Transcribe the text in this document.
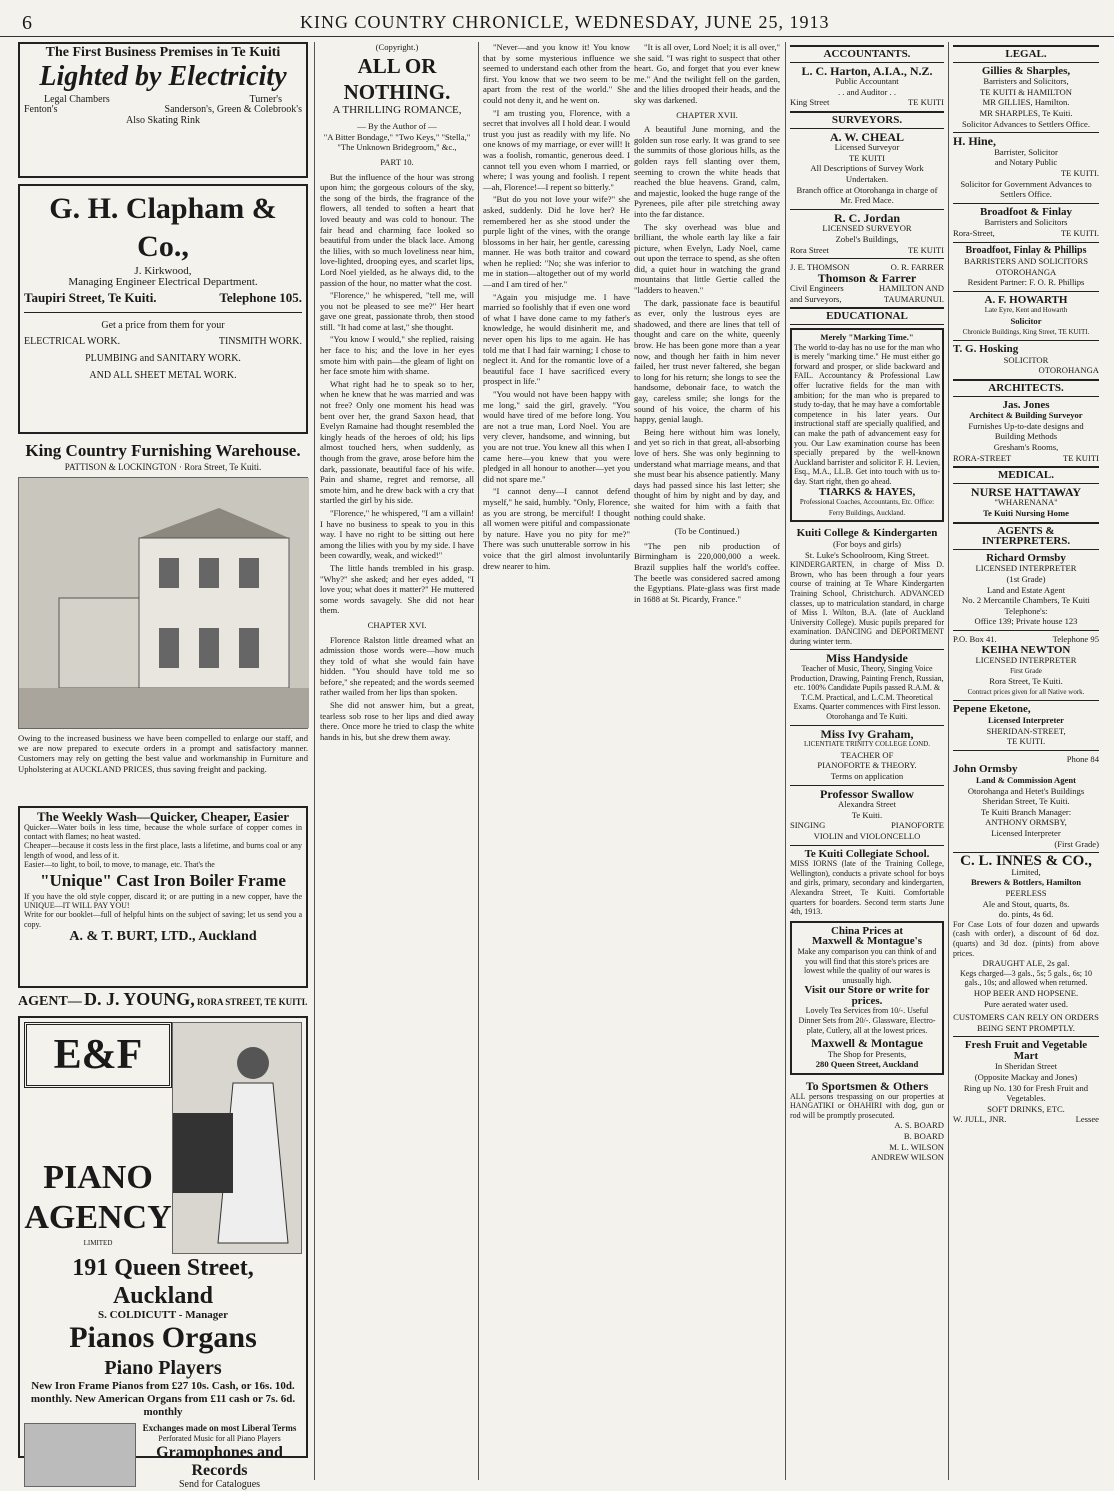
6	KING COUNTRY CHRONICLE, WEDNESDAY, JUNE 25, 1913
The First Business Premises in Te Kuiti
Lighted by Electricity
Legal Chambers	Turner's
Fenton's	Sanderson's, Green & Colebrook's
Also Skating Rink
G. H. Clapham & Co.,
J. Kirkwood,
Managing Engineer Electrical Department.
Taupiri Street, Te Kuiti.	Telephone 105.
Get a price from them for your
ELECTRICAL WORK.	TINSMITH WORK.
PLUMBING and SANITARY WORK.
AND ALL SHEET METAL WORK.
King Country Furnishing Warehouse.
PATTISON & LOCKINGTON · Rora Street, Te Kuiti.
Owing to the increased business we have been compelled to enlarge our staff, and we are now prepared to execute orders in a prompt and satisfactory manner. Customers may rely on getting the best value and workmanship in Furniture and Upholstering at AUCKLAND PRICES, thus saving freight and packing.
The Weekly Wash—Quicker, Cheaper, Easier
Quicker—Water boils in less time, because the whole surface of copper comes in contact with flames; no heat wasted.
Cheaper—because it costs less in the first place, lasts a lifetime, and burns coal or any length of wood, and less of it.
Easier—to light, to boil, to move, to manage, etc. That's the
"Unique" Cast Iron Boiler Frame
If you have the old style copper, discard it; or are putting in a new copper, have the UNIQUE—IT WILL PAY YOU!
Write for our booklet—full of helpful hints on the subject of saving; let us send you a copy.
A. & T. BURT, LTD., Auckland
AGENT— D. J. YOUNG, RORA STREET, TE KUITI.
E&F
PIANO
AGENCY
LIMITED
191 Queen Street, Auckland
S. COLDICUTT - Manager
Pianos Organs
Piano Players
New Iron Frame Pianos from £27 10s. Cash, or 16s. 10d. monthly. New American Organs from £11 cash or 7s. 6d. monthly
Exchanges made on most Liberal Terms
Perforated Music for all Piano Players
Gramophones and Records
Send for Catalogues
(Copyright.)
ALL OR NOTHING.
A THRILLING ROMANCE,
— By the Author of —
"A Bitter Bondage," "Two Keys," "Stella," "The Unknown Bridegroom," &c.,
PART 10.

But the influence of the hour was strong upon him; the gorgeous colours of the sky, the song of the birds, the fragrance of the flowers, all tended to soften a heart that loved beauty and was cold to honour. The fair head and charming face looked so beautiful from under the black lace. Among the lilies, with so much loveliness near him, love-lighted, drooping eyes, and scarlet lips, Lord Noel yielded, as he always did, to the passion of the hour, no matter what the cost.

"Florence," he whispered, "tell me, will you not be pleased to see me?" Her heart gave one great, passionate throb, then stood still. "It had come at last," she thought.

"You know I would," she replied, raising her face to his; and the love in her eyes smote him with pain—the gleam of light on her face smote him with shame.

What right had he to speak so to her, when he knew that he was married and was not free? Only one moment his head was bent over her, the grand Saxon head, that Evelyn Ramaine had thought resembled the kingly heads of the heroes of old; his lips almost touched hers, when suddenly, as though from the grave, arose before him the dark, passionate, beautiful face of his wife. Pain and shame, regret and remorse, all smote him, and he drew back with a cry that startled the girl by his side.

"Florence," he whispered, "I am a villain! I have no business to speak to you in this way. I have no right to be sitting out here among the lilies with you by my side. I have been cowardly, weak, and wicked!"

The little hands trembled in his grasp. "Why?" she asked; and her eyes added, "I love you; what does it matter?" He muttered some words savagely. She did not hear them.

CHAPTER XVI.

Florence Ralston little dreamed what an admission those words were—how much they told of what she would fain have hidden. "You should have told me so before," she repeated; and the words seemed rather wailed from her lips than spoken.

She did not answer him, but a great, tearless sob rose to her lips and died away there. Once more he tried to clasp the white hands in his, but she drew them away.

"Never—and you know it! You know that by some mysterious influence we seemed to understand each other from the first. You know that we two seem to be apart from the rest of the world." She could not deny it, and he went on.

"I am trusting you, Florence, with a secret that involves all I hold dear. I would trust you just as readily with my life. No one knows of my marriage, or ever will! It was a foolish, romantic, generous deed. I cannot tell you even whom I married, or where; I was young and foolish. I repent—ah, Florence!—I repent so bitterly."

"But do you not love your wife?" she asked, suddenly. Did he love her? He remembered her as she stood under the purple light of the vines, with the orange blossoms in her hair, her gentle, caressing manner. He was both traitor and coward when he replied: "No; she was inferior to me in station—altogether out of my world—and I am tired of her."

"Again you misjudge me. I have married so foolishly that if even one word of what I have done came to my father's knowledge, he would disinherit me, and never open his lips to me again. He has told me that I had fair warning; I chose to neglect it. And for the romantic love of a beautiful face I have sacrificed every prospect in life."

"You would not have been happy with me long," said the girl, gravely. "You would have tired of me before long. You are not a true man, Lord Noel. You are very clever, handsome, and winning, but you are not true. You knew all this when I came here—you knew that you were pledged in all honour to another—yet you did not spare me."

"I cannot deny—I cannot defend myself," he said, humbly. "Only, Florence, as you are strong, be merciful! I thought all women were pitiful and compassionate by nature. Have you no pity for me?" There was such unutterable sorrow in his voice that the girl almost involuntarily drew nearer to him.

"It is all over, Lord Noel; it is all over," she said. "I was right to suspect that other heart. Go, and forget that you ever knew me." And the twilight fell on the garden, and the lilies drooped their heads, and the sky was darkened.

CHAPTER XVII.

A beautiful June morning, and the golden sun rose early. It was grand to see the summits of those glorious hills, as the golden rays fell slanting over them, seeming to crown the white heads that reached the blue heavens. Grand, calm, and majestic, looked the huge range of the Pyrenees, pile after pile stretching away into the far distance.

The sky overhead was blue and brilliant, the whole earth lay like a fair picture, when Evelyn, Lady Noel, came out upon the terrace to spend, as she often did, a quiet hour in watching the grand mountains that little Gertie called the "ladders to heaven."

The dark, passionate face is beautiful as ever, only the lustrous eyes are shadowed, and there are lines that tell of thought and care on the white, queenly brow. He has been gone more than a year now, and though her faith in him never failed, her trust never faltered, she began to long for his return; she longs to see the handsome, debonair face, to watch the gay, careless smile; she longs for the sound of his voice, the charm of his happy, genial laugh.

Being here without him was lonely, and yet so rich in that great, all-absorbing love of hers. She was only beginning to understand what marriage means, and that she must bear his absence patiently. Many days had passed since his last letter; she thought of him by night and by day, and she waited for him with a faith that nothing could shake.

(To be Continued.)

"The pen nib production of Birmingham is 220,000,000 a week. Brazil supplies half the world's coffee. The beetle was considered sacred among the Egyptians. Plate-glass was first made in 1688 at St. Picardy, France."

ACCOUNTANTS.
L. C. Harton, A.I.A., N.Z.
Public Accountant
. . and Auditor . .
King Street	TE KUITI
SURVEYORS.
A. W. CHEAL
Licensed Surveyor
TE KUITI
All Descriptions of Survey Work Undertaken.
Branch office at Otorohanga in charge of Mr. Fred Mace.
R. C. Jordan
LICENSED SURVEYOR
Zobel's Buildings,
Rora Street	TE KUITI
J. E. THOMSON	O. R. FARRER
Thomson & Farrer
Civil Engineers	HAMILTON AND
and Surveyors,	TAUMARUNUI.
EDUCATIONAL
Merely "Marking Time."
The world to-day has no use for the man who is merely "marking time." He must either go forward and prosper, or slide backward and FAIL. Accountancy & Professional Law offer lucrative fields for the man with ambition; for the man who is prepared to study to-day, that he may have a comfortable competence in his later years. Our instructional staff are specially qualified, and can make the path of advancement easy for you. Our Law examination course has been specially prepared by the well-known Auckland barrister and solicitor F. H. Levien, Esq., M.A., LL.B. Get into touch with us to-day. Start right, then go ahead.
TIARKS & HAYES,
Professional Coaches, Accountants, Etc. Office: Ferry Buildings, Auckland.
Kuiti College & Kindergarten
(For boys and girls)
St. Luke's Schoolroom, King Street.
KINDERGARTEN, in charge of Miss D. Brown, who has been through a four years course of training at Te Whare Kindergarten Training School, Christchurch. ADVANCED classes, up to matriculation standard, in charge of Miss I. Wilton, B.A. (late of Auckland University College). Music pupils prepared for examination. DANCING and DEPORTMENT during winter term.
Miss Handyside
Teacher of Music, Theory, Singing Voice Production, Drawing, Painting French, Russian, etc. 100% Candidate Pupils passed R.A.M. & T.C.M. Practical, and L.C.M. Theoretical Exams. Quarter commences with First lesson. Otorohanga and Te Kuiti.
Miss Ivy Graham,
LICENTIATE TRINITY COLLEGE LOND.
TEACHER OF
PIANOFORTE & THEORY.
Terms on application
Professor Swallow
Alexandra Street
Te Kuiti.
SINGING	PIANOFORTE
VIOLIN and VIOLONCELLO
Te Kuiti Collegiate School.
MISS IORNS (late of the Training College, Wellington), conducts a private school for boys and girls, primary, secondary and kindergarten, Alexandra Street, Te Kuiti. Comfortable quarters for boarders. Second term starts June 4th, 1913.
China Prices at
Maxwell & Montague's
Make any comparison you can think of and you will find that this store's prices are lowest while the quality of our wares is unusually high.
Visit our Store or write for prices.
Lovely Tea Services from 10/-. Useful Dinner Sets from 20/-. Glassware, Electro-plate, Cutlery, all at the lowest prices.
Maxwell & Montague
The Shop for Presents,
280 Queen Street, Auckland
To Sportsmen & Others
ALL persons trespassing on our properties at HANGATIKI or OHAHIRI with dog, gun or rod will be promptly prosecuted.
A. S. BOARD
B. BOARD
M. L. WILSON
ANDREW WILSON
LEGAL.
Gillies & Sharples,
Barristers and Solicitors,
TE KUITI & HAMILTON
MR GILLIES, Hamilton.
MR SHARPLES, Te Kuiti.
Solicitor Advances to Settlers Office.
H. Hine,
Barrister, Solicitor
and Notary Public
TE KUITI.
Solicitor for Government Advances to Settlers Office.
Broadfoot & Finlay
Barristers and Solicitors
Rora-Street,	TE KUITI.
Broadfoot, Finlay & Phillips
BARRISTERS AND SOLICITORS
OTOROHANGA
Resident Partner: F. O. R. Phillips
A. F. HOWARTH
Late Eyre, Kent and Howarth
Solicitor
Chronicle Buildings, King Street, TE KUITI.
T. G. Hosking
SOLICITOR
OTOROHANGA
ARCHITECTS.
Jas. Jones
Architect & Building Surveyor
Furnishes Up-to-date designs and Building Methods
Gresham's Rooms,
RORA-STREET	TE KUITI
MEDICAL.
NURSE HATTAWAY
"WHARENANA"
Te Kuiti Nursing Home
AGENTS & INTERPRETERS.
Richard Ormsby
LICENSED INTERPRETER
(1st Grade)
Land and Estate Agent
No. 2 Mercantile Chambers, Te Kuiti
Telephone's:
Office 139; Private house 123
P.O. Box 41.	Telephone 95
KEIHA NEWTON
LICENSED INTERPRETER
First Grade
Rora Street, Te Kuiti.
Contract prices given for all Native work.
Pepene Eketone,
Licensed Interpreter
SHERIDAN-STREET,
TE KUITI.
Phone 84
John Ormsby
Land & Commission Agent
Otorohanga and Hetet's Buildings Sheridan Street, Te Kuiti.
Te Kuiti Branch Manager:
ANTHONY ORMSBY,
Licensed Interpreter
(First Grade)
C. L. INNES & CO.,
Limited,
Brewers & Bottlers, Hamilton
PEERLESS
Ale and Stout, quarts, 8s.
do. pints, 4s 6d.
For Case Lots of four dozen and upwards (cash with order), a discount of 6d doz. (quarts) and 3d doz. (pints) from above prices.
DRAUGHT ALE, 2s gal.
Kegs charged—3 gals., 5s; 5 gals., 6s; 10 gals., 10s; and allowed when returned.
HOP BEER AND HOPSENE.
Pure aerated water used.
CUSTOMERS CAN RELY ON ORDERS BEING SENT PROMPTLY.
Fresh Fruit and Vegetable Mart
In Sheridan Street
(Opposite Mackay and Jones)
Ring up No. 130 for Fresh Fruit and Vegetables.
SOFT DRINKS, ETC.
W. JULL, JNR.	Lessee
